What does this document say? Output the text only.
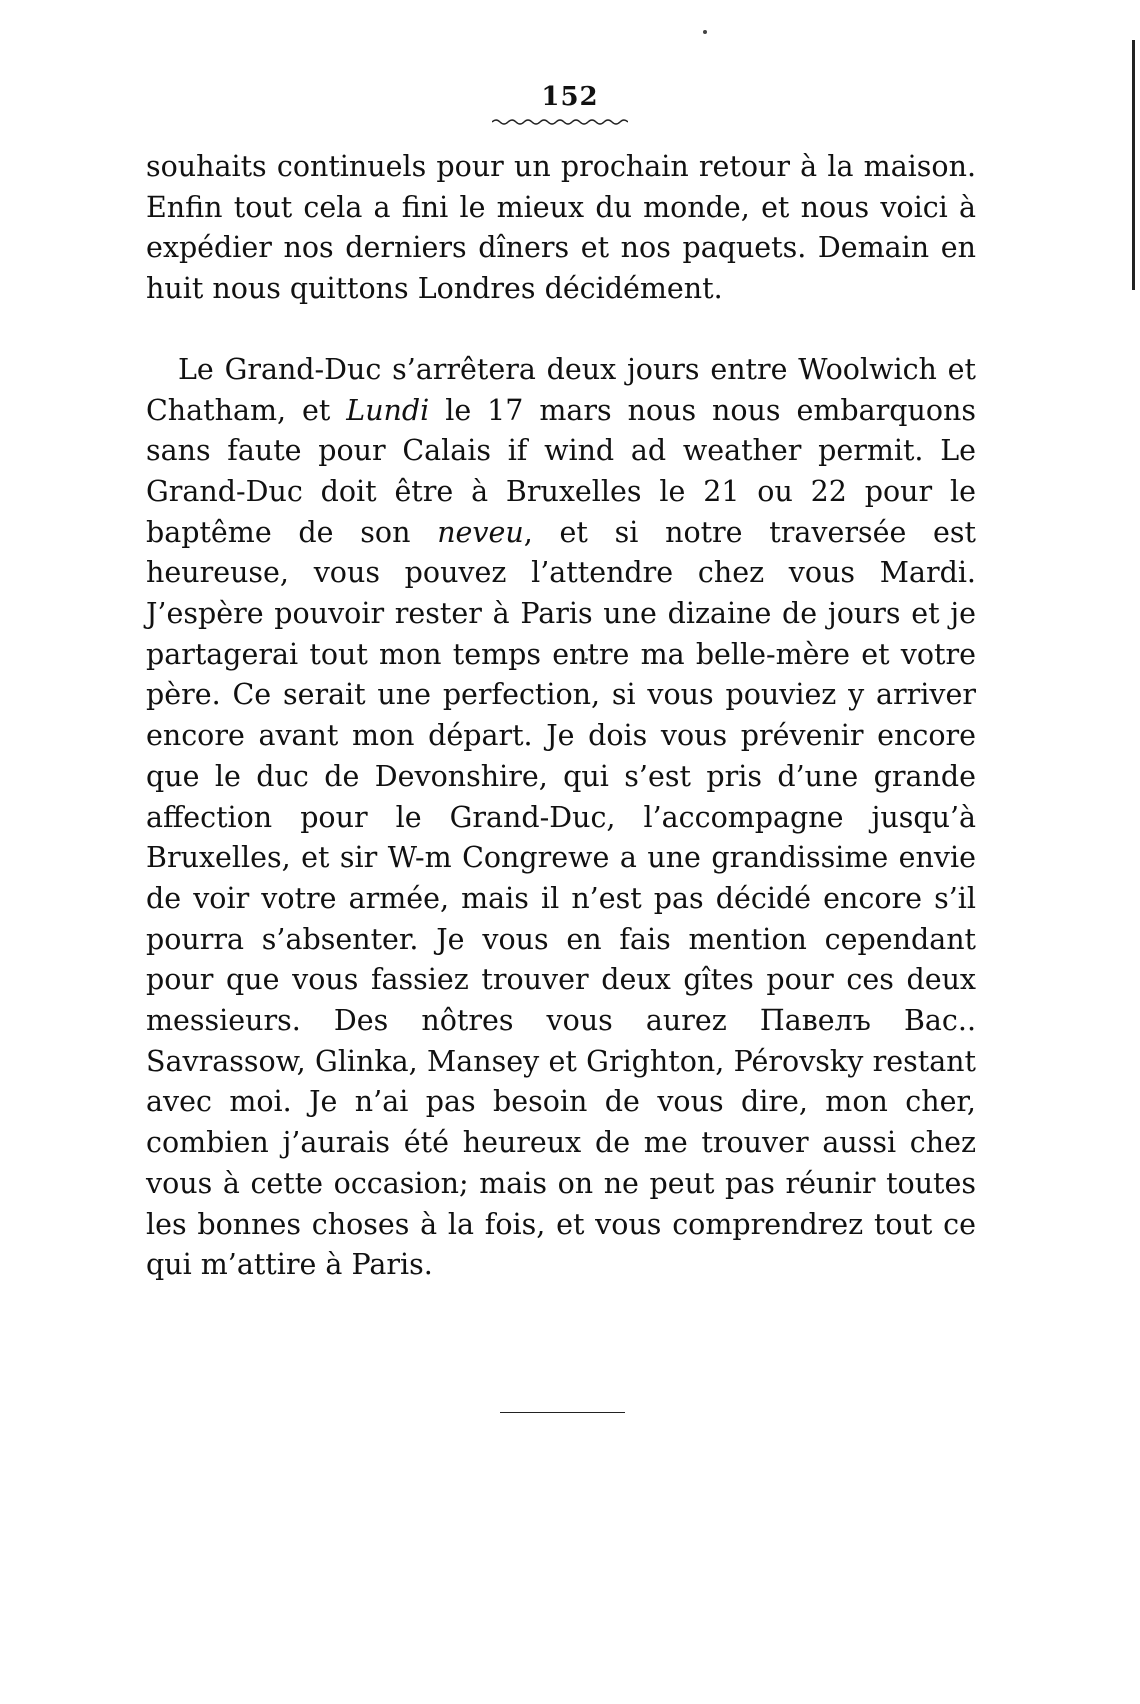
152

souhaits continuels pour un prochain retour à la maison. Enfin tout cela a fini le mieux du monde, et nous voici à expédier nos derniers dîners et nos paquets. Demain en huit nous quittons Londres décidément.

Le Grand-Duc s’arrêtera deux jours entre Woolwich et Chatham, et Lundi le 17 mars nous nous embarquons sans faute pour Calais if wind ad weather permit. Le Grand-Duc doit être à Bruxelles le 21 ou 22 pour le baptême de son neveu, et si notre traversée est heureuse, vous pouvez l’attendre chez vous Mardi. J’espère pouvoir rester à Paris une dizaine de jours et je partagerai tout mon temps entre ma belle-mère et votre père. Ce serait une perfection, si vous pouviez y arriver encore avant mon départ. Je dois vous prévenir encore que le duc de Devonshire, qui s’est pris d’une grande affection pour le Grand-Duc, l’accompagne jusqu’à Bruxelles, et sir W-m Congrewe a une grandissime envie de voir votre armée, mais il n’est pas décidé encore s’il pourra s’absenter. Je vous en fais mention cependant pour que vous fassiez trouver deux gîtes pour ces deux messieurs. Des nôtres vous aurez Павелъ Bac.. Savrassow, Glinka, Mansey et Grighton, Pérovsky restant avec moi. Je n’ai pas besoin de vous dire, mon cher, combien j’aurais été heureux de me trouver aussi chez vous à cette occasion; mais on ne peut pas réunir toutes les bonnes choses à la fois, et vous comprendrez tout ce qui m’attire à Paris.
